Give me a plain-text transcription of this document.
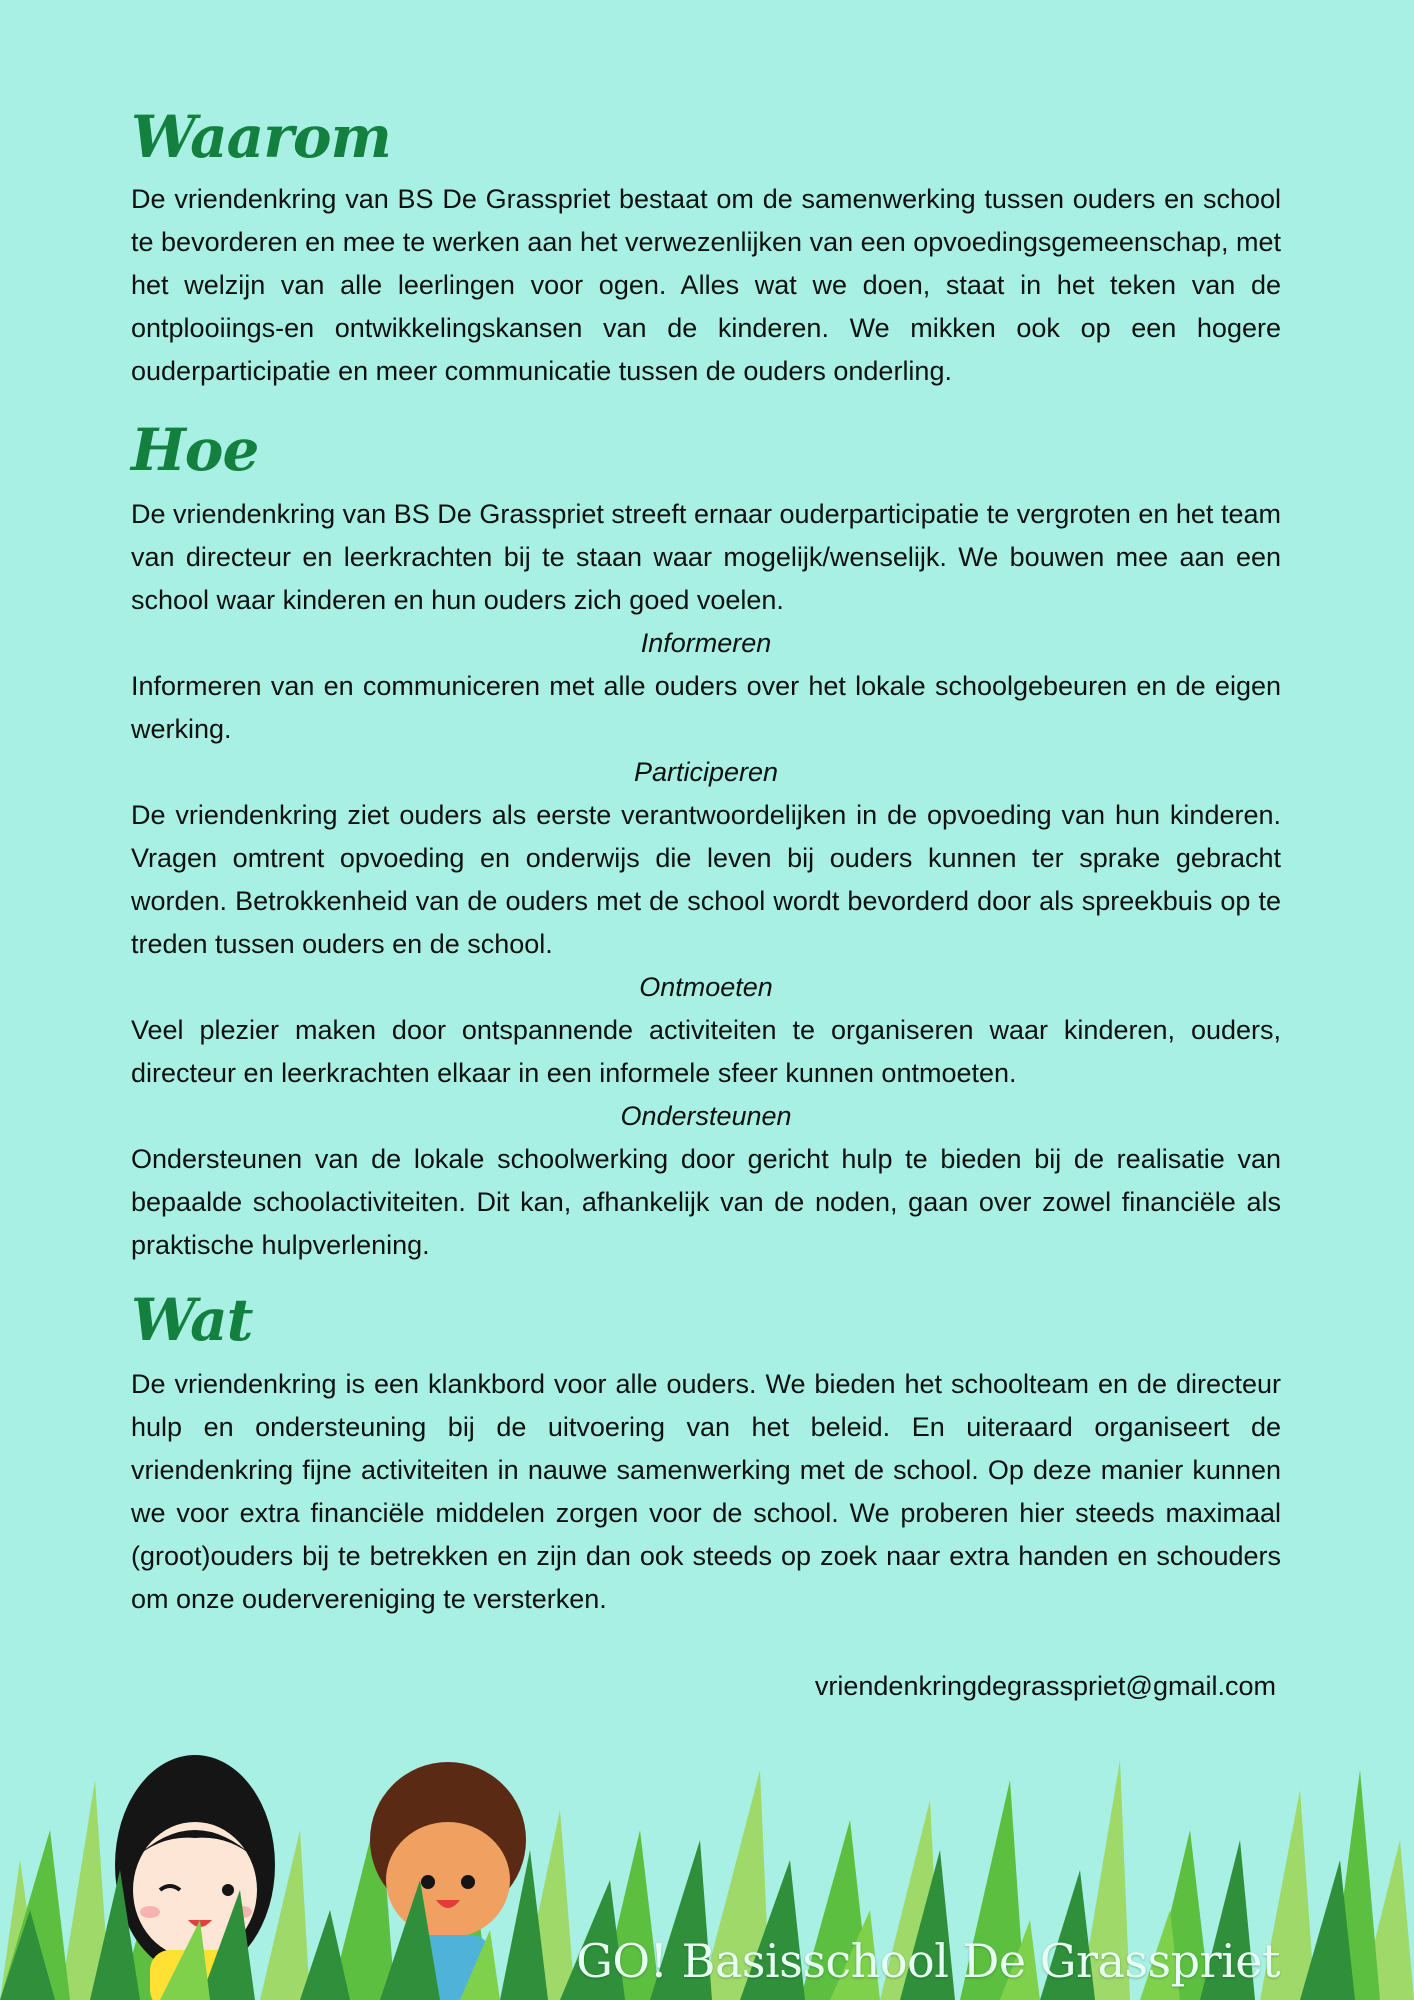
Waarom

De vriendenkring van BS De Grasspriet bestaat om de samenwerking tussen ouders en school te bevorderen en mee te werken aan het verwezenlijken van een opvoedingsgemeenschap, met het welzijn van alle leerlingen voor ogen. Alles wat we doen, staat in het teken van de ontplooiings-en ontwikkelingskansen van de kinderen. We mikken ook op een hogere ouderparticipatie en meer communicatie tussen de ouders onderling.

Hoe

De vriendenkring van BS De Grasspriet streeft ernaar ouderparticipatie te vergroten en het team van directeur en leerkrachten bij te staan waar mogelijk/wenselijk. We bouwen mee aan een school waar kinderen en hun ouders zich goed voelen.

Informeren

Informeren van en communiceren met alle ouders over het lokale schoolgebeuren en de eigen werking.

Participeren

De vriendenkring ziet ouders als eerste verantwoordelijken in de opvoeding van hun kinderen. Vragen omtrent opvoeding en onderwijs die leven bij ouders kunnen ter sprake gebracht worden. Betrokkenheid van de ouders met de school wordt bevorderd door als spreekbuis op te treden tussen ouders en de school.

Ontmoeten

Veel plezier maken door ontspannende activiteiten te organiseren waar kinderen, ouders, directeur en leerkrachten elkaar in een informele sfeer kunnen ontmoeten.

Ondersteunen

Ondersteunen van de lokale schoolwerking door gericht hulp te bieden bij de realisatie van bepaalde schoolactiviteiten. Dit kan, afhankelijk van de noden, gaan over zowel financiële als praktische hulpverlening.

Wat

De vriendenkring is een klankbord voor alle ouders. We bieden het schoolteam en de directeur hulp en ondersteuning bij de uitvoering van het beleid. En uiteraard organiseert de vriendenkring fijne activiteiten in nauwe samenwerking met de school. Op deze manier kunnen we voor extra financiële middelen zorgen voor de school. We proberen hier steeds maximaal (groot)ouders bij te betrekken en zijn dan ook steeds op zoek naar extra handen en schouders om onze oudervereniging te versterken.

vriendenkringdegrasspriet@gmail.com
GO! Basisschool De Grasspriet
